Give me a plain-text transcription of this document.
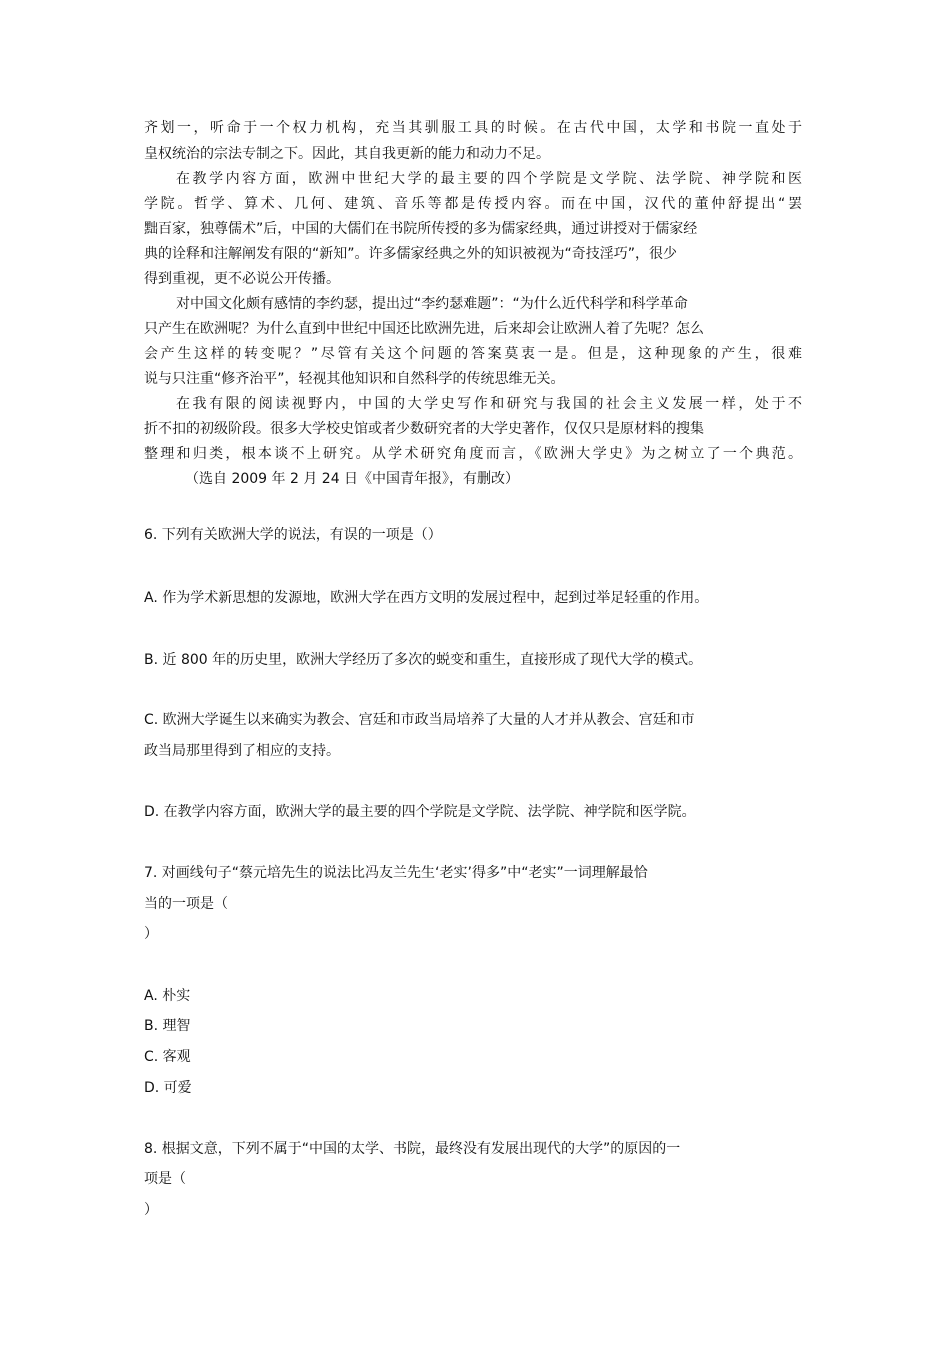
齐划一，听命于一个权力机构，充当其驯服工具的时候。在古代中国，太学和书院一直处于
皇权统治的宗法专制之下。因此，其自我更新的能力和动力不足。
在教学内容方面，欧洲中世纪大学的最主要的四个学院是文学院、法学院、神学院和医
学院。哲学、算术、几何、建筑、音乐等都是传授内容。而在中国，汉代的董仲舒提出“罢
黜百家，独尊儒术”后，中国的大儒们在书院所传授的多为儒家经典，通过讲授对于儒家经
典的诠释和注解阐发有限的“新知”。许多儒家经典之外的知识被视为“奇技淫巧”，很少
得到重视，更不必说公开传播。
对中国文化颇有感情的李约瑟，提出过“李约瑟难题”：“为什么近代科学和科学革命
只产生在欧洲呢？为什么直到中世纪中国还比欧洲先进，后来却会让欧洲人着了先呢？怎么
会产生这样的转变呢？”尽管有关这个问题的答案莫衷一是。但是，这种现象的产生，很难
说与只注重“修齐治平”，轻视其他知识和自然科学的传统思维无关。
在我有限的阅读视野内，中国的大学史写作和研究与我国的社会主义发展一样，处于不
折不扣的初级阶段。很多大学校史馆或者少数研究者的大学史著作，仅仅只是原材料的搜集
整理和归类，根本谈不上研究。从学术研究角度而言，《欧洲大学史》为之树立了一个典范。
（选自 2009 年 2 月 24 日《中国青年报》，有删改）
6. 下列有关欧洲大学的说法，有误的一项是（）
A. 作为学术新思想的发源地，欧洲大学在西方文明的发展过程中，起到过举足轻重的作用。
B. 近 800 年的历史里，欧洲大学经历了多次的蜕变和重生，直接形成了现代大学的模式。
C. 欧洲大学诞生以来确实为教会、宫廷和市政当局培养了大量的人才并从教会、宫廷和市
政当局那里得到了相应的支持。
D. 在教学内容方面，欧洲大学的最主要的四个学院是文学院、法学院、神学院和医学院。
7. 对画线句子“蔡元培先生的说法比冯友兰先生‘老实’得多”中“老实”一词理解最恰
当的一项是（
）
A. 朴实
B. 理智
C. 客观
D. 可爱
8. 根据文意，下列不属于“中国的太学、书院，最终没有发展出现代的大学”的原因的一
项是（
）
